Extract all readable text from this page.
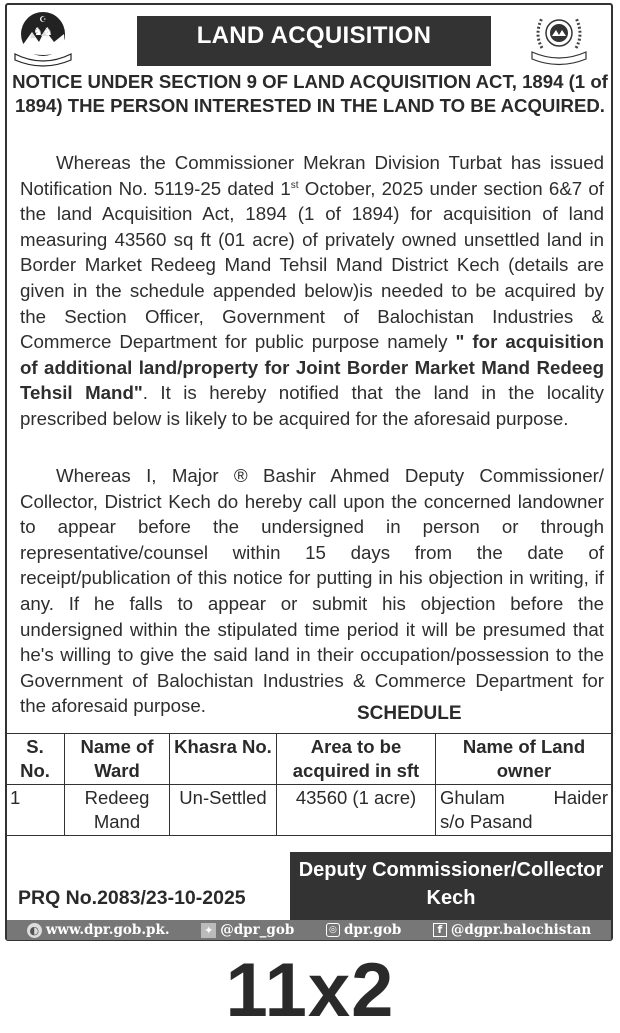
☪
♞♞	LAND ACQUISITION
NOTICE UNDER SECTION 9 OF LAND ACQUISITION ACT, 1894 (1 of 1894) THE PERSON INTERESTED IN THE LAND TO BE ACQUIRED.
Whereas the Commissioner Mekran Division Turbat has issued Notification No. 5119-25 dated 1st October, 2025 under section 6&7 of the land Acquisition Act, 1894 (1 of 1894) for acquisition of land measuring 43560 sq ft (01 acre) of privately owned unsettled land in Border Market Redeeg Mand Tehsil Mand District Kech (details are given in the schedule appended below)is needed to be acquired by the Section Officer, Government of Balochistan Industries & Commerce Department for public purpose namely " for acquisition of additional land/property for Joint Border Market Mand Redeeg Tehsil Mand". It is hereby notified that the land in the locality prescribed below is likely to be acquired for the aforesaid purpose.
Whereas I, Major ® Bashir Ahmed Deputy Commissioner/ Collector, District Kech do hereby call upon the concerned landowner to appear before the undersigned in person or through representative/counsel within 15 days from the date of receipt/publication of this notice for putting in his objection in writing, if any. If he falls to appear or submit his objection before the undersigned within the stipulated time period it will be presumed that he's willing to give the said land in their occupation/possession to the Government of Balochistan Industries & Commerce Department for the aforesaid purpose.	SCHEDULE
S. No.	Name of Ward	Khasra No.	Area to be acquired in sft	Name of Land owner
1	Redeeg Mand	Un-Settled	43560 (1 acre)	Ghulam Haider
s/o Pasand
PRQ No.2083/23-10-2025
Deputy Commissioner/Collector
Kech
◐ www.dpr.gob.pk.	✦ @dpr_gob	◎ dpr.gob	f @dgpr.balochistan
11x2
